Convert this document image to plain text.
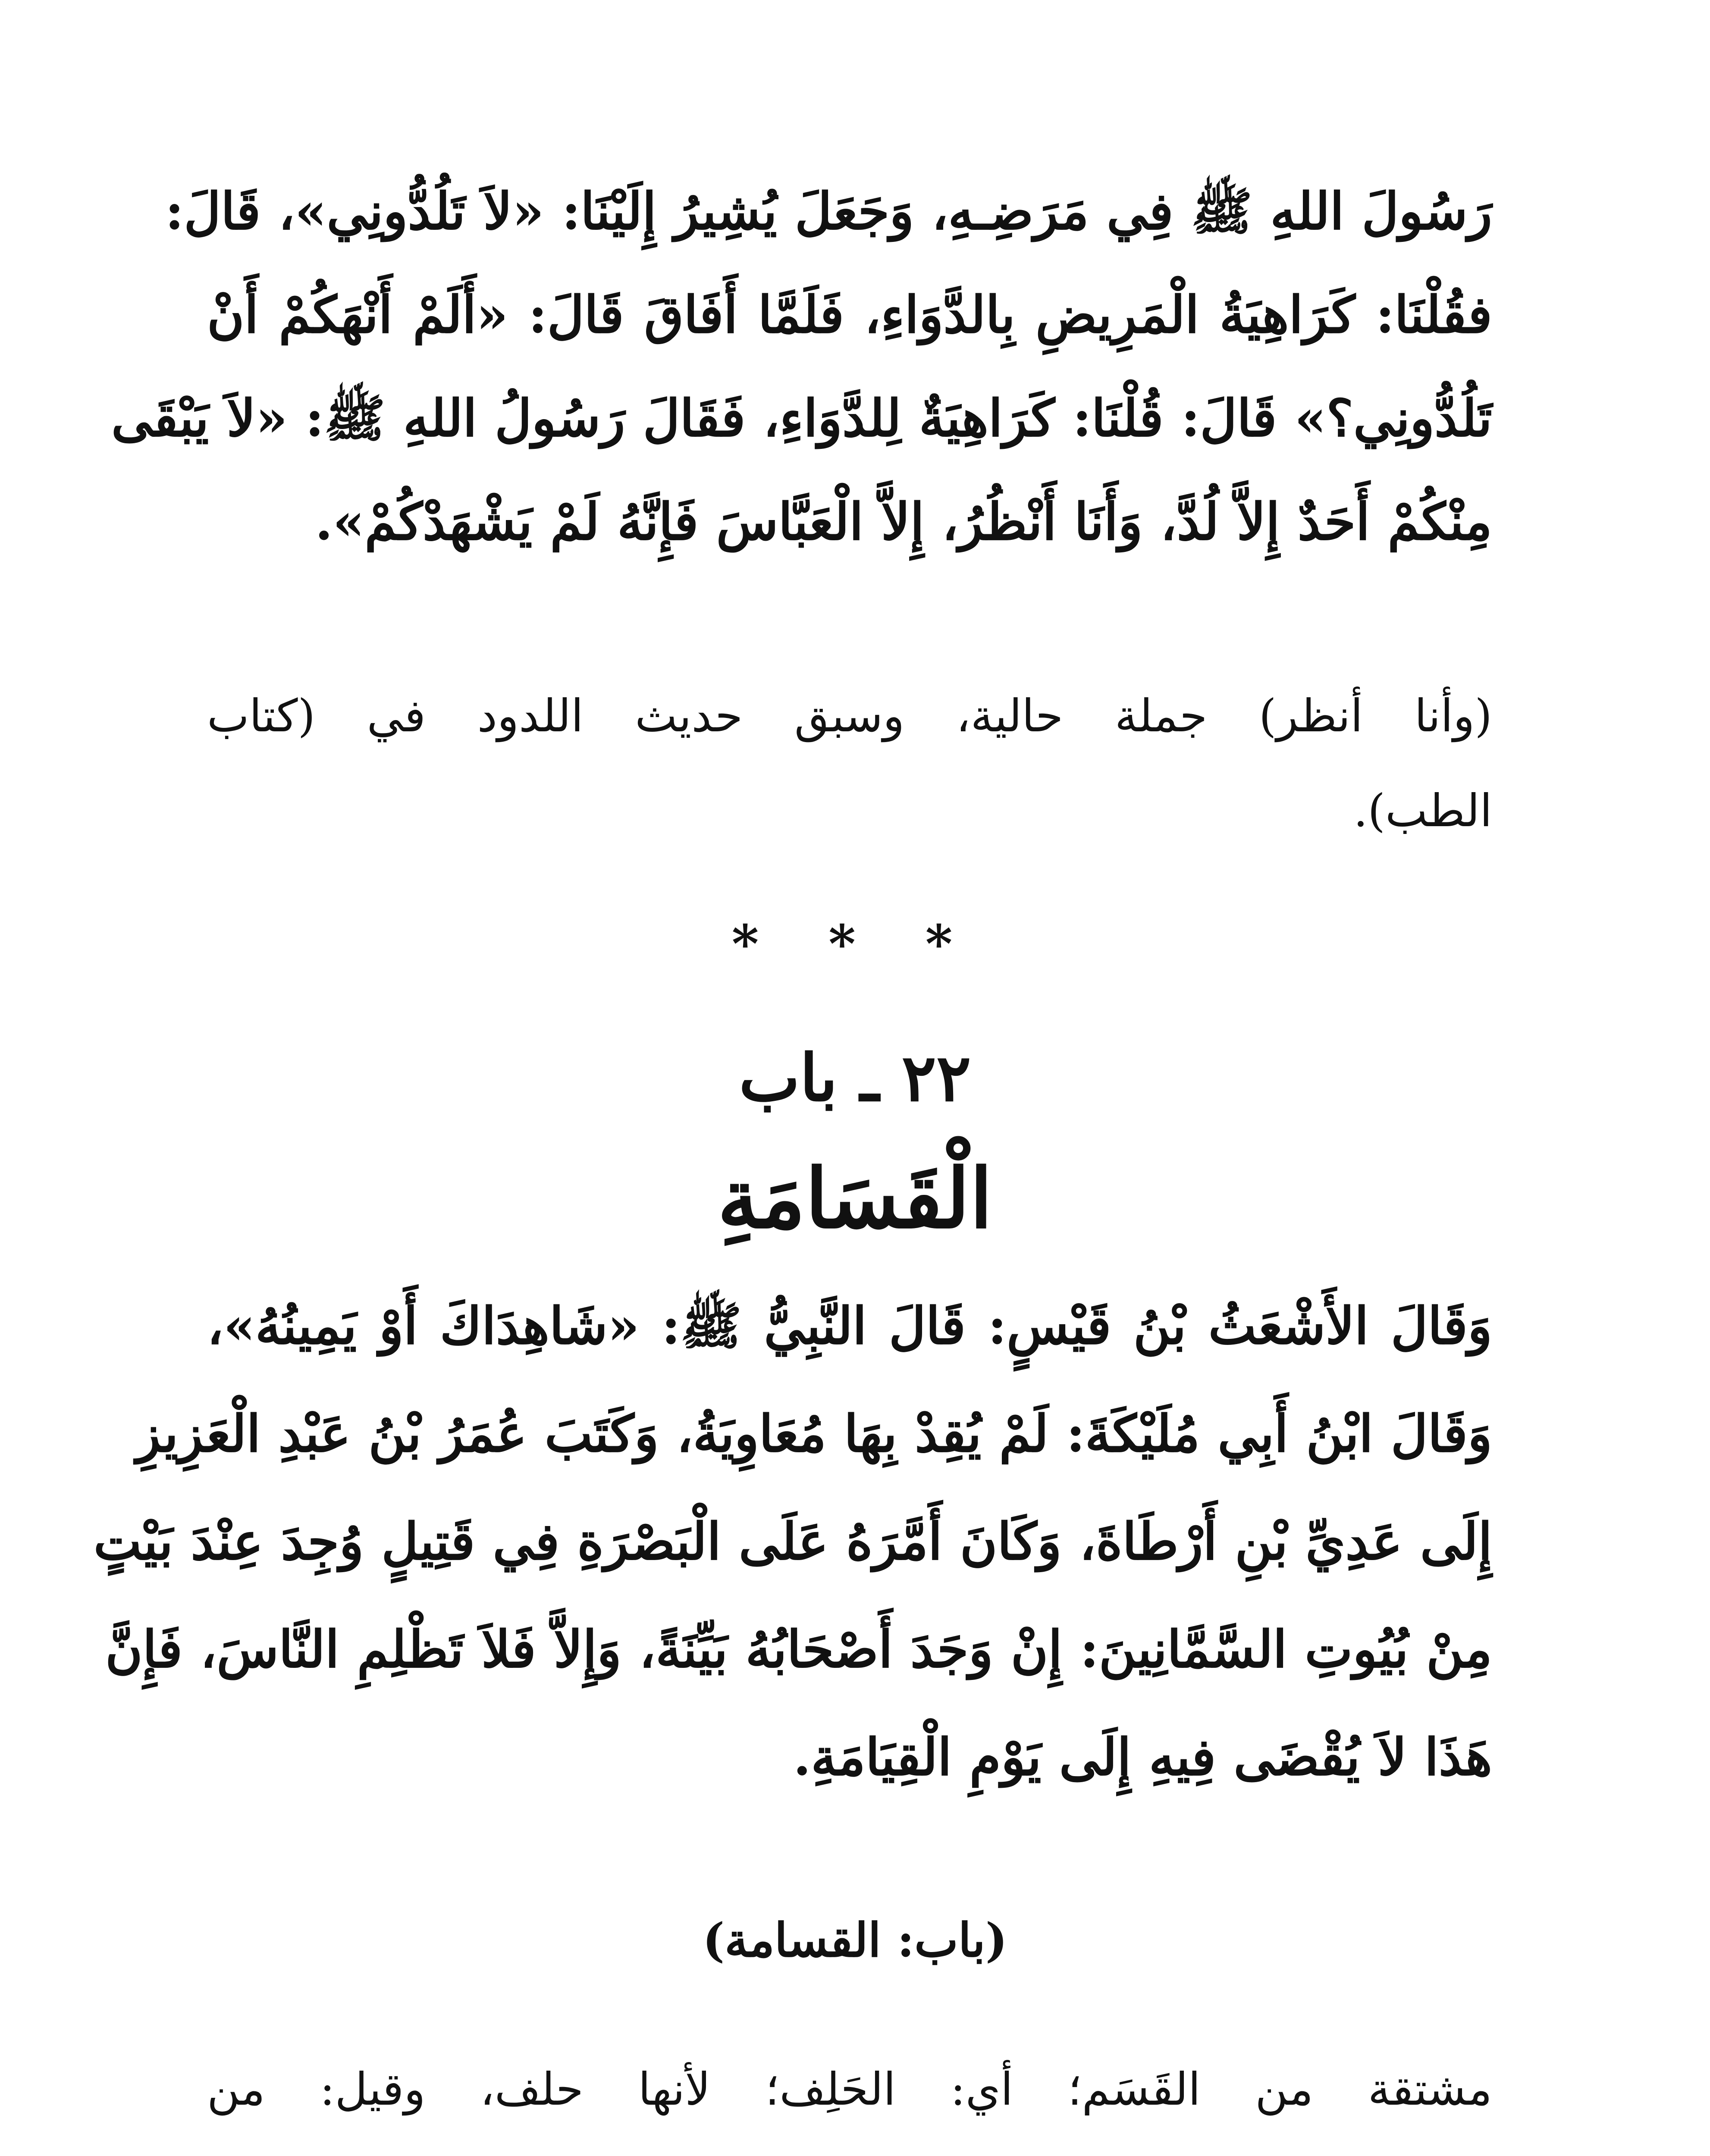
رَسُولَ اللهِ ﷺ فِي مَرَضِـهِ، وَجَعَلَ يُشِيرُ إِلَيْنَا: «لاَ تَلُدُّونِي»، قَالَ:
فقُلْنَا: كَرَاهِيَةُ الْمَرِيضِ بِالدَّوَاءِ، فَلَمَّا أَفَاقَ قَالَ: «أَلَمْ أَنْهَكُمْ أَنْ
تَلُدُّونِي؟» قَالَ: قُلْنَا: كَرَاهِيَةٌ لِلدَّوَاءِ، فَقَالَ رَسُولُ اللهِ ﷺ: «لاَ يَبْقَى
مِنْكُمْ أَحَدٌ إِلاَّ لُدَّ، وَأَنَا أَنْظُرُ، إِلاَّ الْعَبَّاسَ فَإِنَّهُ لَمْ يَشْهَدْكُمْ».
(وأنا أنظر) جملة حالية، وسبق حديث اللدود في (كتاب
الطب).
* * *
٢٢ ـ باب
الْقَسَامَةِ
وَقَالَ الأَشْعَثُ بْنُ قَيْسٍ: قَالَ النَّبِيُّ ﷺ: «شَاهِدَاكَ أَوْ يَمِينُهُ»،
وَقَالَ ابْنُ أَبِي مُلَيْكَةَ: لَمْ يُقِدْ بِهَا مُعَاوِيَةُ، وَكَتَبَ عُمَرُ بْنُ عَبْدِ الْعَزِيزِ
إِلَى عَدِيِّ بْنِ أَرْطَاةَ، وَكَانَ أَمَّرَهُ عَلَى الْبَصْرَةِ فِي قَتِيلٍ وُجِدَ عِنْدَ بَيْتٍ
مِنْ بُيُوتِ السَّمَّانِينَ: إِنْ وَجَدَ أَصْحَابُهُ بَيِّنَةً، وَإِلاَّ فَلاَ تَظْلِمِ النَّاسَ، فَإِنَّ
هَذَا لاَ يُقْضَى فِيهِ إِلَى يَوْمِ الْقِيَامَةِ.
(باب: القسامة)
مشتقة من القَسَم؛ أي: الحَلِف؛ لأنها حلف، وقيل: من
